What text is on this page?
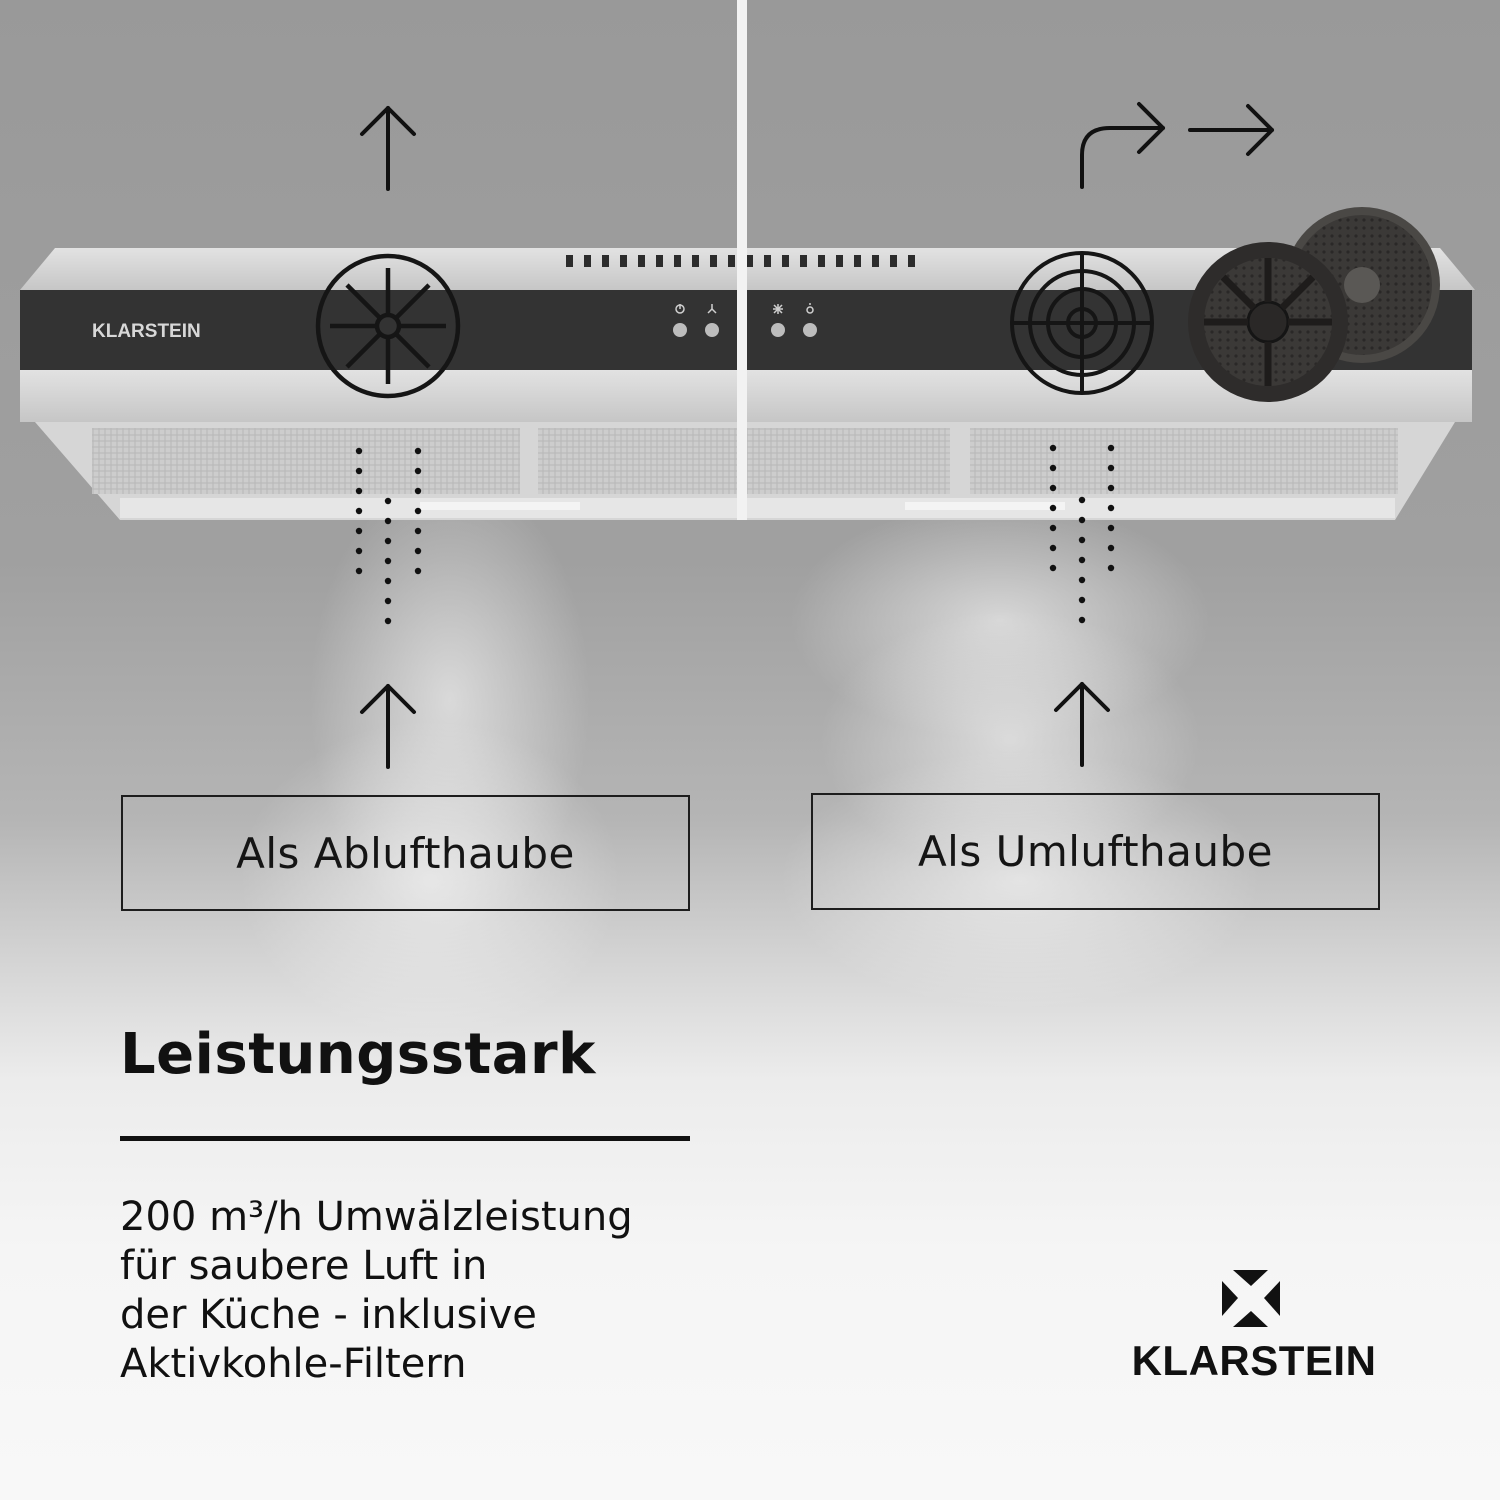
KLARSTEIN
Als Ablufthaube	Als Umlufthaube
Leistungsstark

200 m³/h Umwälzleistung
für saubere Luft in
der Küche - inklusive
Aktivkohle-Filtern	KLARSTEIN
